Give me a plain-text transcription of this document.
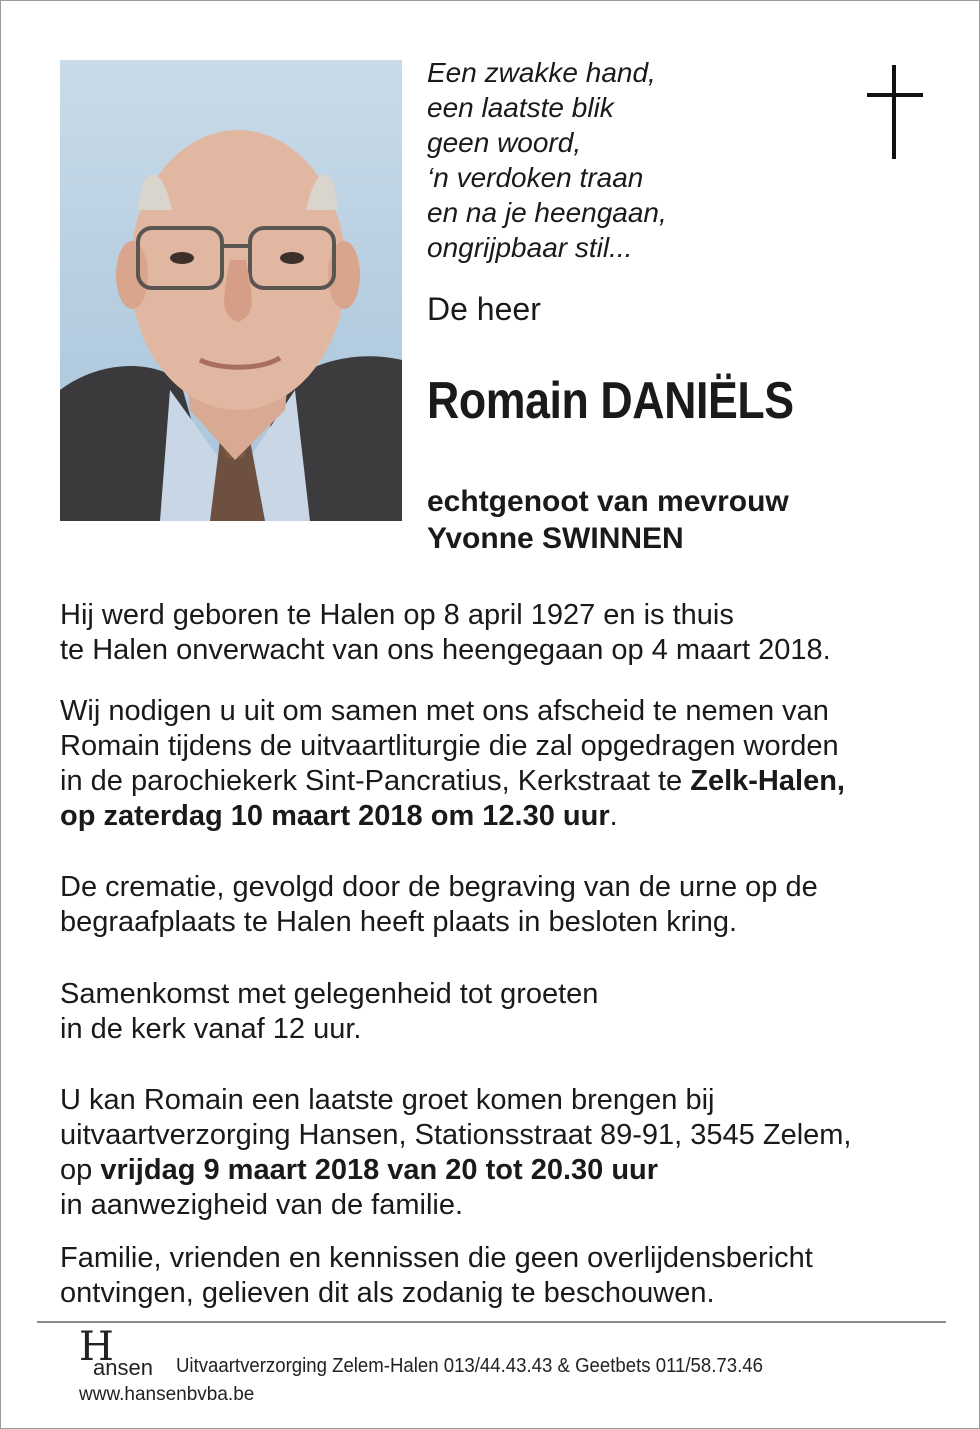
Een zwakke hand,
een laatste blik
geen woord,
‘n verdoken traan
en na je heengaan,
ongrijpbaar stil...
De heer
Romain DANIËLS
echtgenoot van mevrouw
Yvonne SWINNEN
Hij werd geboren te Halen op 8 april 1927 en is thuis
te Halen onverwacht van ons heengegaan op 4 maart 2018.
Wij nodigen u uit om samen met ons afscheid te nemen van
Romain tijdens de uitvaartliturgie die zal opgedragen worden
in de parochiekerk Sint-Pancratius, Kerkstraat te Zelk-Halen,
op zaterdag 10 maart 2018 om 12.30 uur.
De crematie, gevolgd door de begraving van de urne op de
begraafplaats te Halen heeft plaats in besloten kring.
Samenkomst met gelegenheid tot groeten
in de kerk vanaf 12 uur.
U kan Romain een laatste groet komen brengen bij
uitvaartverzorging Hansen, Stationsstraat 89-91, 3545 Zelem,
op vrijdag 9 maart 2018 van 20 tot 20.30 uur
in aanwezigheid van de familie.
Familie, vrienden en kennissen die geen overlijdensbericht
ontvingen, gelieven dit als zodanig te beschouwen.
H
ansen Uitvaartverzorging Zelem-Halen 013/44.43.43 & Geetbets 011/58.73.46
www.hansenbvba.be
